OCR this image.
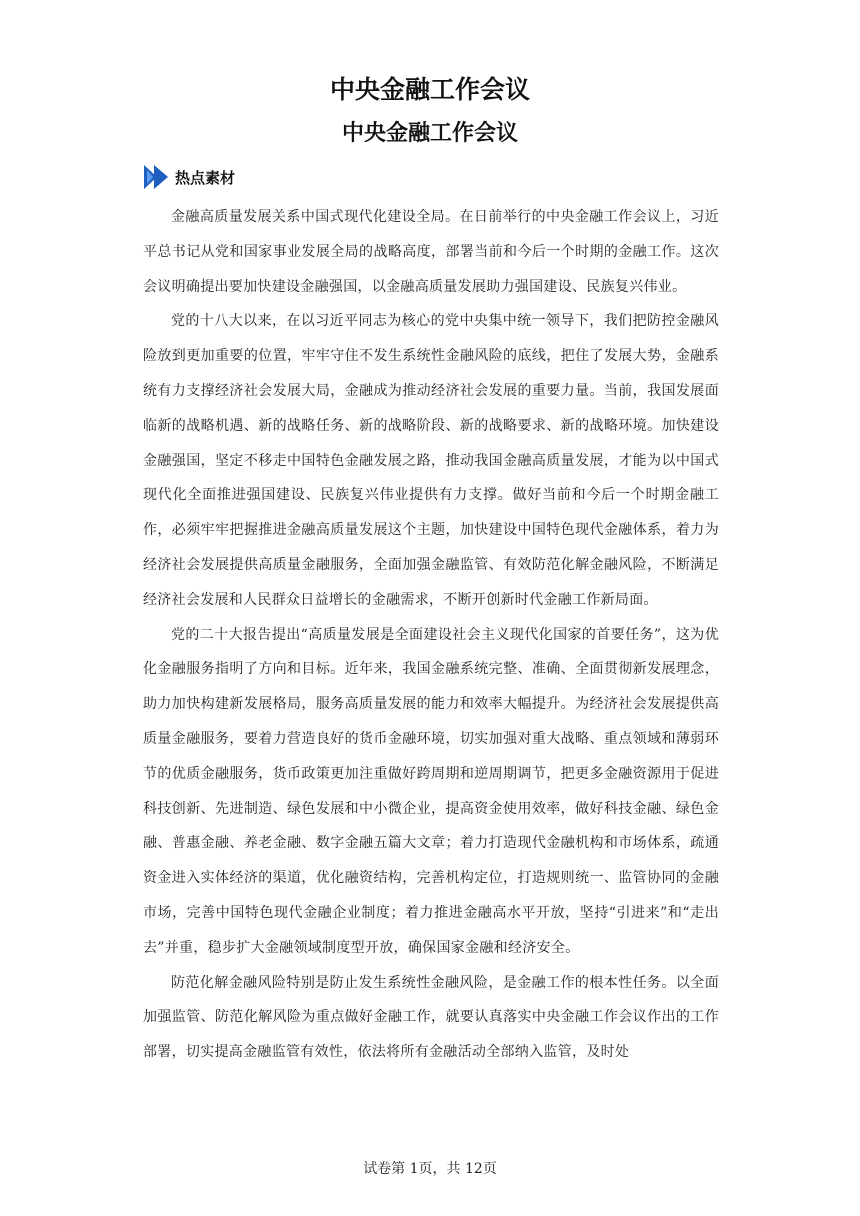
中央金融工作会议
中央金融工作会议
热点素材

金融高质量发展关系中国式现代化建设全局。在日前举行的中央金融工作会议上，习近平总书记从党和国家事业发展全局的战略高度，部署当前和今后一个时期的金融工作。这次会议明确提出要加快建设金融强国，以金融高质量发展助力强国建设、民族复兴伟业。

党的十八大以来，在以习近平同志为核心的党中央集中统一领导下，我们把防控金融风险放到更加重要的位置，牢牢守住不发生系统性金融风险的底线，把住了发展大势，金融系统有力支撑经济社会发展大局，金融成为推动经济社会发展的重要力量。当前，我国发展面临新的战略机遇、新的战略任务、新的战略阶段、新的战略要求、新的战略环境。加快建设金融强国，坚定不移走中国特色金融发展之路，推动我国金融高质量发展，才能为以中国式现代化全面推进强国建设、民族复兴伟业提供有力支撑。做好当前和今后一个时期金融工作，必须牢牢把握推进金融高质量发展这个主题，加快建设中国特色现代金融体系，着力为经济社会发展提供高质量金融服务，全面加强金融监管、有效防范化解金融风险，不断满足经济社会发展和人民群众日益增长的金融需求，不断开创新时代金融工作新局面。

党的二十大报告提出“高质量发展是全面建设社会主义现代化国家的首要任务”，这为优化金融服务指明了方向和目标。近年来，我国金融系统完整、准确、全面贯彻新发展理念，助力加快构建新发展格局，服务高质量发展的能力和效率大幅提升。为经济社会发展提供高质量金融服务，要着力营造良好的货币金融环境，切实加强对重大战略、重点领域和薄弱环节的优质金融服务，货币政策更加注重做好跨周期和逆周期调节，把更多金融资源用于促进科技创新、先进制造、绿色发展和中小微企业，提高资金使用效率，做好科技金融、绿色金融、普惠金融、养老金融、数字金融五篇大文章；着力打造现代金融机构和市场体系，疏通资金进入实体经济的渠道，优化融资结构，完善机构定位，打造规则统一、监管协同的金融市场，完善中国特色现代金融企业制度；着力推进金融高水平开放，坚持“引进来”和“走出去”并重，稳步扩大金融领域制度型开放，确保国家金融和经济安全。

防范化解金融风险特别是防止发生系统性金融风险，是金融工作的根本性任务。以全面加强监管、防范化解风险为重点做好金融工作，就要认真落实中央金融工作会议作出的工作部署，切实提高金融监管有效性，依法将所有金融活动全部纳入监管，及时处

试卷第 1页，共 12页
